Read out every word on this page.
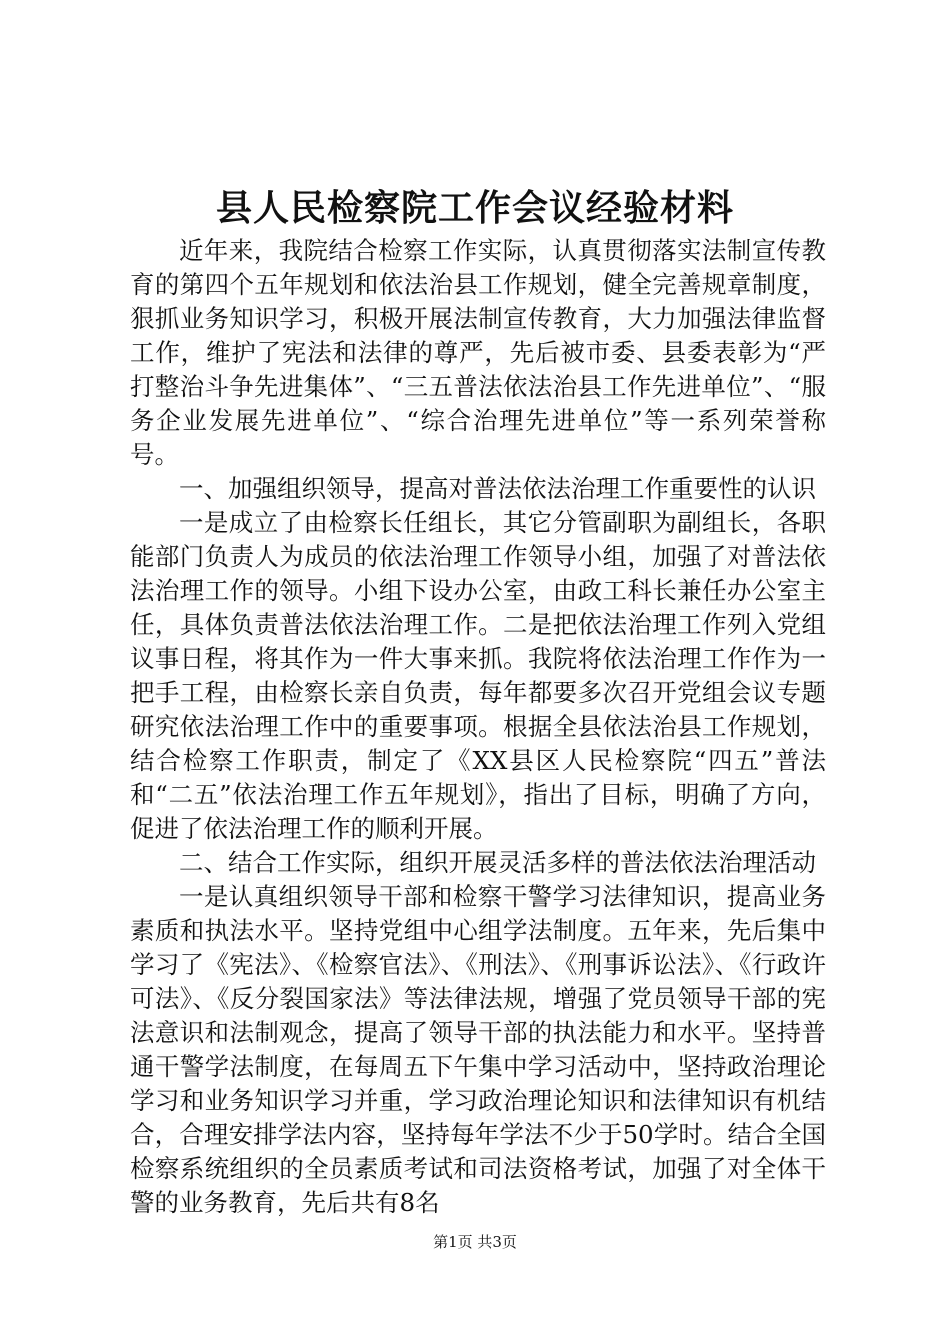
县人民检察院工作会议经验材料

近年来，我院结合检察工作实际，认真贯彻落实法制宣传教育的第四个五年规划和依法治县工作规划，健全完善规章制度，狠抓业务知识学习，积极开展法制宣传教育，大力加强法律监督工作，维护了宪法和法律的尊严，先后被市委、县委表彰为“严打整治斗争先进集体”、“三五普法依法治县工作先进单位”、“服务企业发展先进单位”、“综合治理先进单位”等一系列荣誉称号。

一、加强组织领导，提高对普法依法治理工作重要性的认识

一是成立了由检察长任组长，其它分管副职为副组长，各职能部门负责人为成员的依法治理工作领导小组，加强了对普法依法治理工作的领导。小组下设办公室，由政工科长兼任办公室主任，具体负责普法依法治理工作。二是把依法治理工作列入党组议事日程，将其作为一件大事来抓。我院将依法治理工作作为一把手工程，由检察长亲自负责，每年都要多次召开党组会议专题研究依法治理工作中的重要事项。根据全县依法治县工作规划，结合检察工作职责，制定了《XX县区人民检察院“四五”普法和“二五”依法治理工作五年规划》，指出了目标，明确了方向，促进了依法治理工作的顺利开展。

二、结合工作实际，组织开展灵活多样的普法依法治理活动

一是认真组织领导干部和检察干警学习法律知识，提高业务素质和执法水平。坚持党组中心组学法制度。五年来，先后集中学习了《宪法》、《检察官法》、《刑法》、《刑事诉讼法》、《行政许可法》、《反分裂国家法》等法律法规，增强了党员领导干部的宪法意识和法制观念，提高了领导干部的执法能力和水平。坚持普通干警学法制度，在每周五下午集中学习活动中，坚持政治理论学习和业务知识学习并重，学习政治理论知识和法律知识有机结合，合理安排学法内容，坚持每年学法不少于50学时。结合全国检察系统组织的全员素质考试和司法资格考试，加强了对全体干警的业务教育，先后共有8名

第1页 共3页
